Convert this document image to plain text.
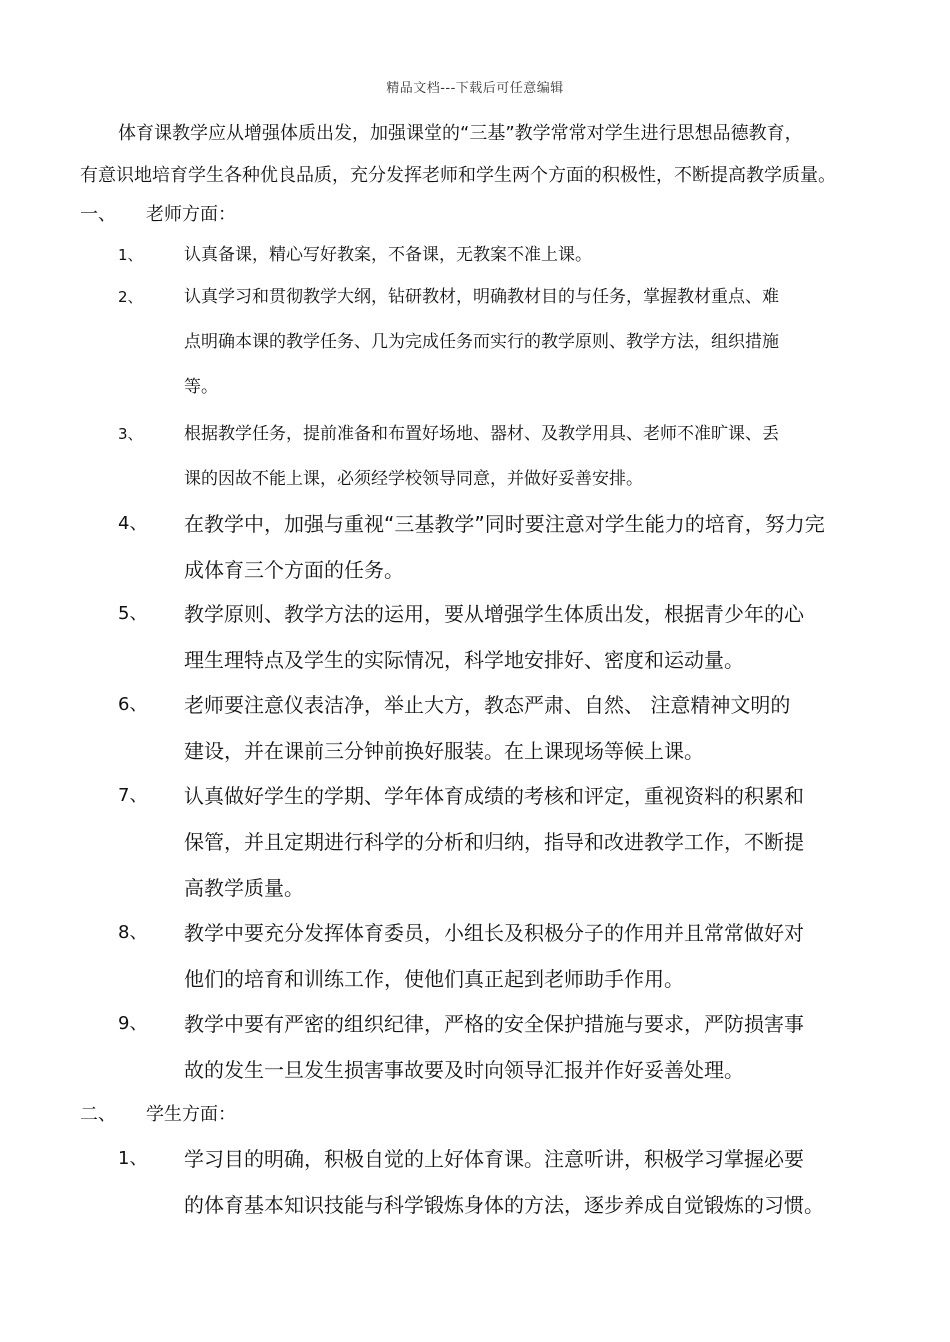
精品文档---下载后可任意编辑
体育课教学应从增强体质出发，加强课堂的“三基”教学常常对学生进行思想品德教育，
有意识地培育学生各种优良品质，充分发挥老师和学生两个方面的积极性，不断提高教学质量。
一、 老师方面：
1、	认真备课，精心写好教案，不备课，无教案不准上课。
2、	认真学习和贯彻教学大纲，钻研教材，明确教材目的与任务，掌握教材重点、难
点明确本课的教学任务、几为完成任务而实行的教学原则、教学方法，组织措施
等。
3、	根据教学任务，提前准备和布置好场地、器材、及教学用具、老师不准旷课、丢
课的因故不能上课，必须经学校领导同意，并做好妥善安排。
4、	在教学中，加强与重视“三基教学”同时要注意对学生能力的培育，努力完
成体育三个方面的任务。
5、	教学原则、教学方法的运用，要从增强学生体质出发，根据青少年的心
理生理特点及学生的实际情况，科学地安排好、密度和运动量。
6、	老师要注意仪表洁净，举止大方，教态严肃、自然、 注意精神文明的
建设，并在课前三分钟前换好服装。在上课现场等候上课。
7、	认真做好学生的学期、学年体育成绩的考核和评定，重视资料的积累和
保管，并且定期进行科学的分析和归纳，指导和改进教学工作，不断提
高教学质量。
8、	教学中要充分发挥体育委员，小组长及积极分子的作用并且常常做好对
他们的培育和训练工作，使他们真正起到老师助手作用。
9、	教学中要有严密的组织纪律，严格的安全保护措施与要求，严防损害事
故的发生一旦发生损害事故要及时向领导汇报并作好妥善处理。
二、 学生方面：
1、	学习目的明确，积极自觉的上好体育课。注意听讲，积极学习掌握必要
的体育基本知识技能与科学锻炼身体的方法，逐步养成自觉锻炼的习惯。
